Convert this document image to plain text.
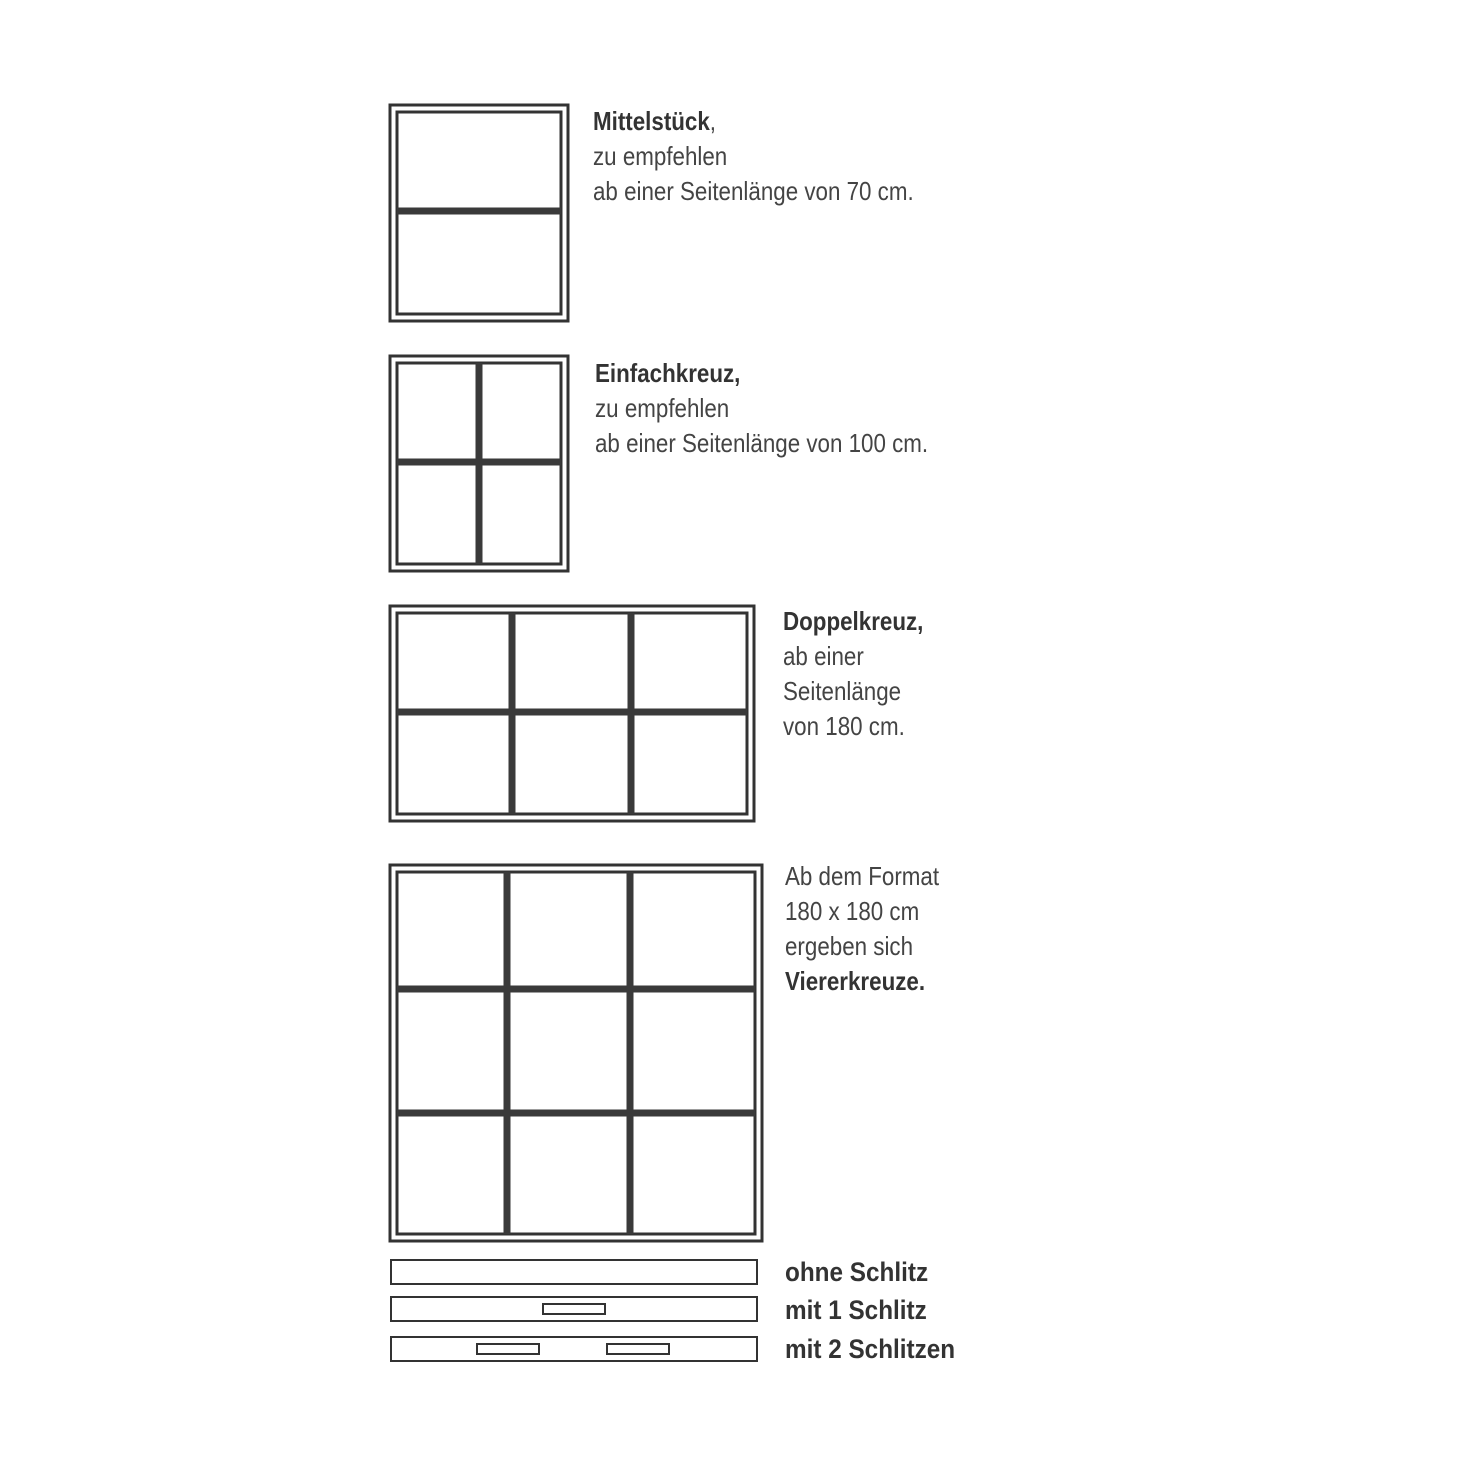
Mittelstück,
zu empfehlen
ab einer Seitenlänge von 70 cm.
Einfachkreuz,
zu empfehlen
ab einer Seitenlänge von 100 cm.
Doppelkreuz,
ab einer
Seitenlänge
von 180 cm.
Ab dem Format
180 x 180 cm
ergeben sich
Viererkreuze.
ohne Schlitz
mit 1 Schlitz
mit 2 Schlitzen
